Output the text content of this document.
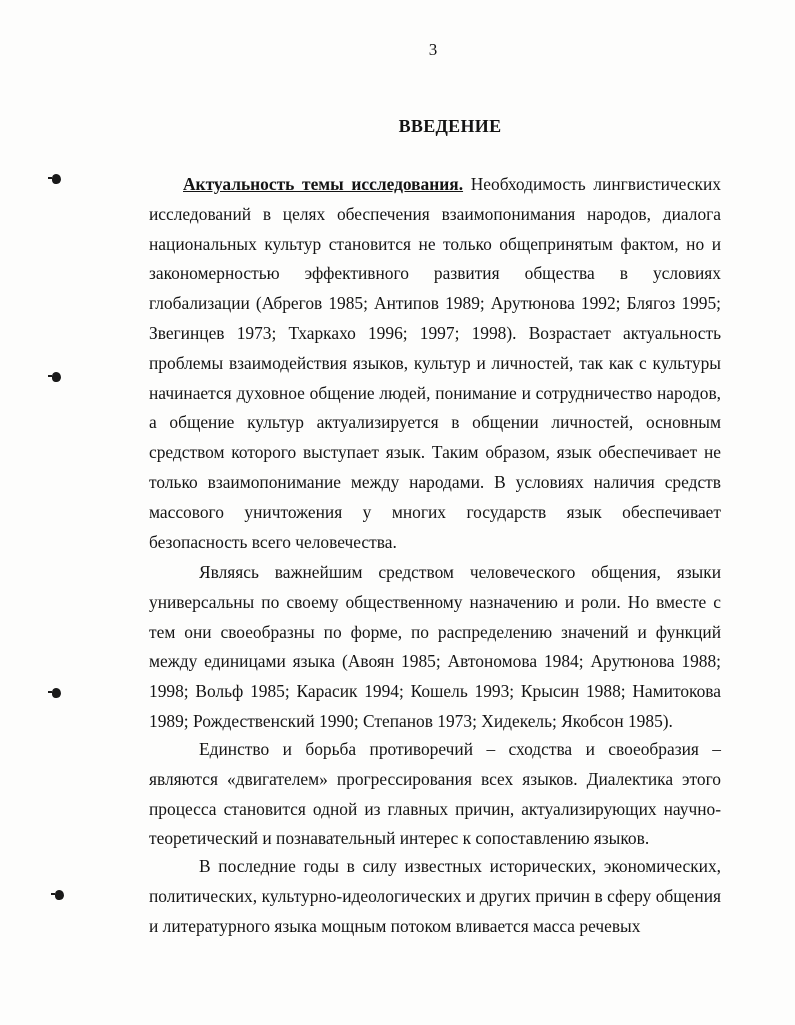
3
ВВЕДЕНИЕ

Актуальность темы исследования. Необходимость лингвистических исследований в целях обеспечения взаимопонимания народов, диалога национальных культур становится не только общепринятым фактом, но и закономерностью эффективного развития общества в условиях глобализации (Абрегов 1985; Антипов 1989; Арутюнова 1992; Блягоз 1995; Звегинцев 1973; Тхаркахо 1996; 1997; 1998). Возрастает актуальность проблемы взаимодействия языков, культур и личностей, так как с культуры начинается духовное общение людей, понимание и сотрудничество народов, а общение культур актуализируется в общении личностей, основным средством которого выступает язык. Таким образом, язык обеспечивает не только взаимопонимание между народами. В условиях наличия средств массового уничтожения у многих государств язык обеспечивает безопасность всего человечества.

Являясь важнейшим средством человеческого общения, языки универсальны по своему общественному назначению и роли. Но вместе с тем они своеобразны по форме, по распределению значений и функций между единицами языка (Авоян 1985; Автономова 1984; Арутюнова 1988; 1998; Вольф 1985; Карасик 1994; Кошель 1993; Крысин 1988; Намитокова 1989; Рождественский 1990; Степанов 1973; Хидекель; Якобсон 1985).

Единство и борьба противоречий – сходства и своеобразия – являются «двигателем» прогрессирования всех языков. Диалектика этого процесса становится одной из главных причин, актуализирующих научно-теоретический и познавательный интерес к сопоставлению языков.

В последние годы в силу известных исторических, экономических, политических, культурно-идеологических и других причин в сферу общения и литературного языка мощным потоком вливается масса речевых
